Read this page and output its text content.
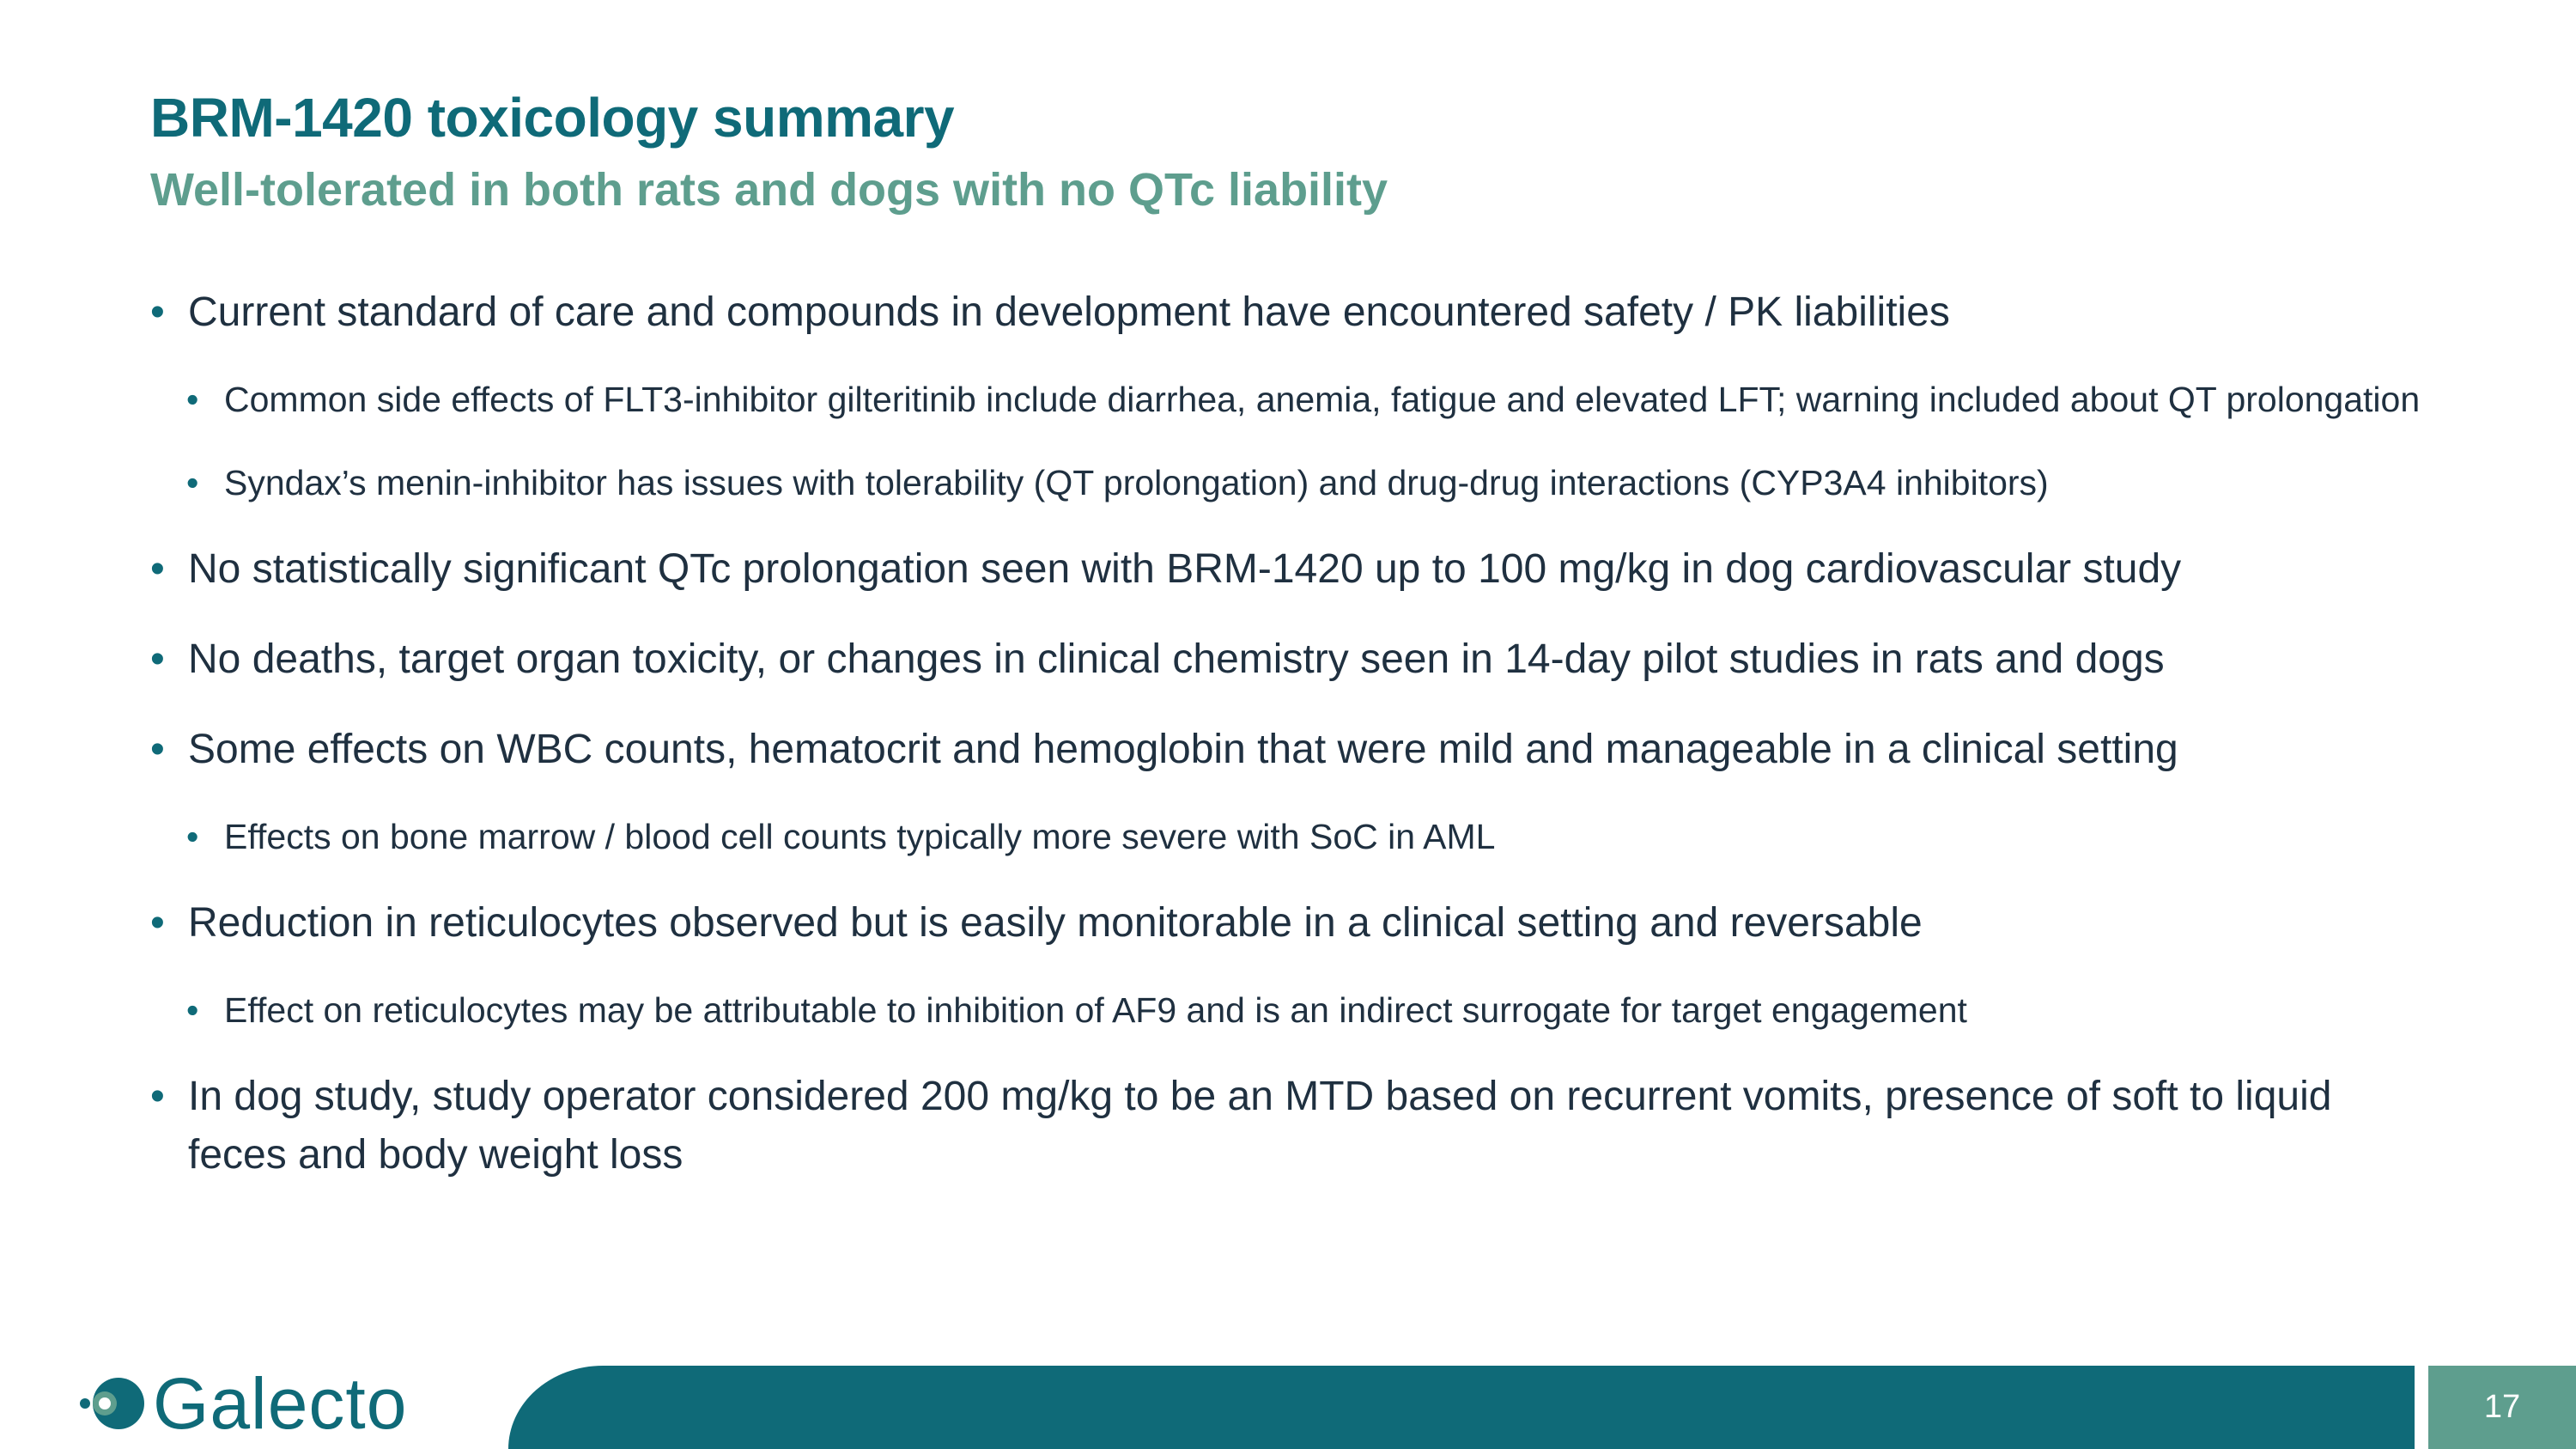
BRM-1420 toxicology summary
Well-tolerated in both rats and dogs with no QTc liability
• Current standard of care and compounds in development have encountered safety / PK liabilities
• Common side effects of FLT3-inhibitor gilteritinib include diarrhea, anemia, fatigue and elevated LFT; warning included about QT prolongation
• Syndax’s menin-inhibitor has issues with tolerability (QT prolongation) and drug-drug interactions (CYP3A4 inhibitors)
• No statistically significant QTc prolongation seen with BRM-1420 up to 100 mg/kg in dog cardiovascular study
• No deaths, target organ toxicity, or changes in clinical chemistry seen in 14-day pilot studies in rats and dogs
• Some effects on WBC counts, hematocrit and hemoglobin that were mild and manageable in a clinical setting
• Effects on bone marrow / blood cell counts typically more severe with SoC in AML
• Reduction in reticulocytes observed but is easily monitorable in a clinical setting and reversable
• Effect on reticulocytes may be attributable to inhibition of AF9 and is an indirect surrogate for target engagement
• In dog study, study operator considered 200 mg/kg to be an MTD based on recurrent vomits, presence of soft to liquid feces and body weight loss
Galecto	17
